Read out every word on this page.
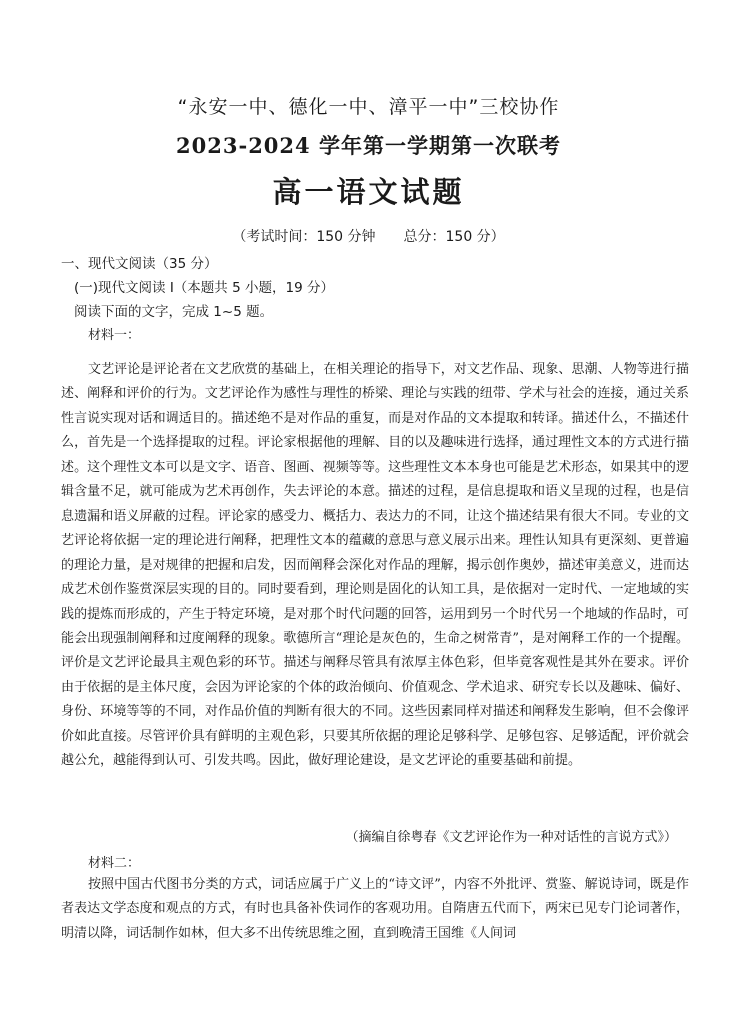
“永安一中、德化一中、漳平一中”三校协作
2023-2024 学年第一学期第一次联考
高一语文试题
（考试时间：150 分钟 总分：150 分）
一、现代文阅读（35 分）
(一)现代文阅读 I（本题共 5 小题，19 分）
阅读下面的文字，完成 1~5 题。
材料一：
文艺评论是评论者在文艺欣赏的基础上，在相关理论的指导下，对文艺作品、现象、思潮、人物等进行描述、阐释和评价的行为。文艺评论作为感性与理性的桥梁、理论与实践的纽带、学术与社会的连接，通过关系性言说实现对话和调适目的。描述绝不是对作品的重复，而是对作品的文本提取和转译。描述什么，不描述什么，首先是一个选择提取的过程。评论家根据他的理解、目的以及趣味进行选择，通过理性文本的方式进行描述。这个理性文本可以是文字、语音、图画、视频等等。这些理性文本本身也可能是艺术形态，如果其中的逻辑含量不足，就可能成为艺术再创作，失去评论的本意。描述的过程，是信息提取和语义呈现的过程，也是信息遗漏和语义屏蔽的过程。评论家的感受力、概括力、表达力的不同，让这个描述结果有很大不同。专业的文艺评论将依据一定的理论进行阐释，把理性文本的蕴藏的意思与意义展示出来。理性认知具有更深刻、更普遍的理论力量，是对规律的把握和启发，因而阐释会深化对作品的理解，揭示创作奥妙，描述审美意义，进而达成艺术创作鉴赏深层实现的目的。同时要看到，理论则是固化的认知工具，是依据对一定时代、一定地域的实践的提炼而形成的，产生于特定环境，是对那个时代问题的回答，运用到另一个时代另一个地域的作品时，可能会出现强制阐释和过度阐释的现象。歌德所言“理论是灰色的，生命之树常青”，是对阐释工作的一个提醒。评价是文艺评论最具主观色彩的环节。描述与阐释尽管具有浓厚主体色彩，但毕竟客观性是其外在要求。评价由于依据的是主体尺度，会因为评论家的个体的政治倾向、价值观念、学术追求、研究专长以及趣味、偏好、身份、环境等等的不同，对作品价值的判断有很大的不同。这些因素同样对描述和阐释发生影响，但不会像评价如此直接。尽管评价具有鲜明的主观色彩，只要其所依据的理论足够科学、足够包容、足够适配，评价就会越公允，越能得到认可、引发共鸣。因此，做好理论建设，是文艺评论的重要基础和前提。
（摘编自徐粤春《文艺评论作为一种对话性的言说方式》）
材料二：
按照中国古代图书分类的方式，词话应属于广义上的“诗文评”，内容不外批评、赏鉴、解说诗词，既是作者表达文学态度和观点的方式，有时也具备补佚词作的客观功用。自隋唐五代而下，两宋已见专门论词著作，明清以降，词话制作如林，但大多不出传统思维之囿，直到晚清王国维《人间词
